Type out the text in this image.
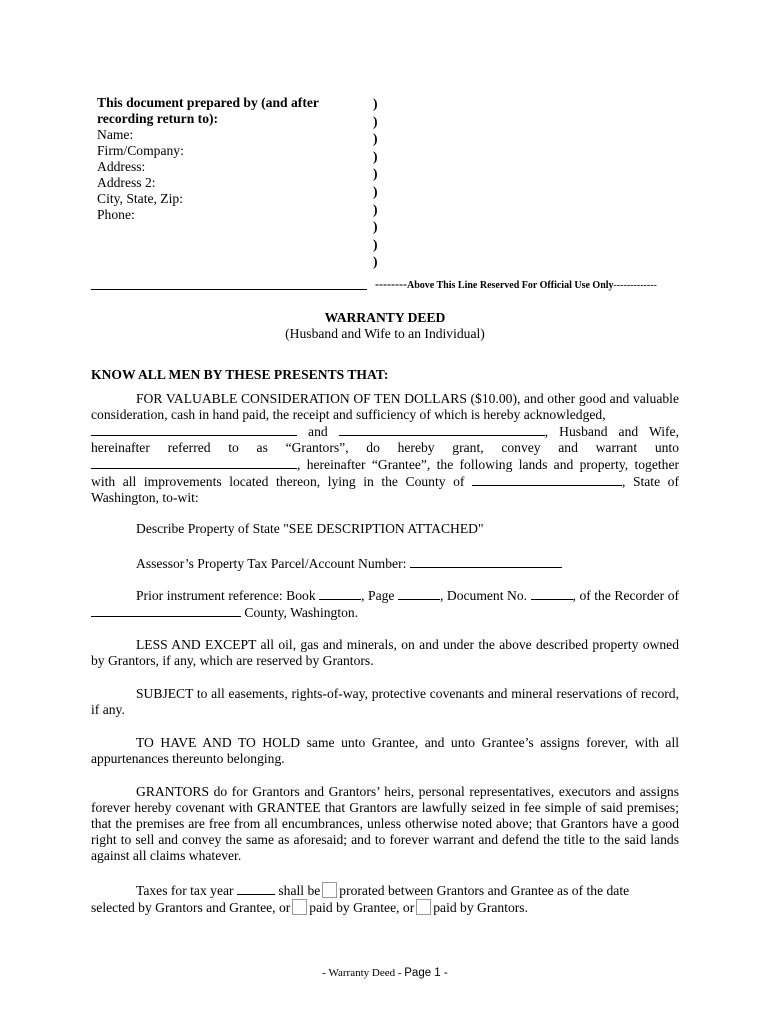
This document prepared by (and after recording return to):
Name:
Firm/Company:
Address:
Address 2:
City, State, Zip:
Phone:
)
)
)
)
)
)
)
)
)
)
--------Above This Line Reserved For Official Use Only-------------
WARRANTY DEED
(Husband and Wife to an Individual)
KNOW ALL MEN BY THESE PRESENTS THAT:

FOR VALUABLE CONSIDERATION OF TEN DOLLARS ($10.00), and other good and valuable consideration, cash in hand paid, the receipt and sufficiency of which is hereby acknowledged,

and	, Husband and Wife,

hereinafter referred to as “Grantors”, do hereby grant, convey and warrant unto

, hereinafter “Grantee”, the following lands and property, together

with all improvements located thereon, lying in the County of	, State of

Washington, to-wit:

Describe Property of State "SEE DESCRIPTION ATTACHED"
Assessor’s Property Tax Parcel/Account Number:

Prior instrument reference: Book	, Page	, Document No.	, of the Recorder of

County, Washington.

LESS AND EXCEPT all oil, gas and minerals, on and under the above described property owned by Grantors, if any, which are reserved by Grantors.

SUBJECT to all easements, rights-of-way, protective covenants and mineral reservations of record, if any.

TO HAVE AND TO HOLD same unto Grantee, and unto Grantee’s assigns forever, with all appurtenances thereunto belonging.

GRANTORS do for Grantors and Grantors’ heirs, personal representatives, executors and assigns forever hereby covenant with GRANTEE that Grantors are lawfully seized in fee simple of said premises; that the premises are free from all encumbrances, unless otherwise noted above; that Grantors have a good right to sell and convey the same as aforesaid; and to forever warrant and defend the title to the said lands against all claims whatever.

Taxes for tax year	shall be prorated between Grantors and Grantee as of the date

selected by Grantors and Grantee, or paid by Grantee, or paid by Grantors.

- Warranty Deed - Page 1 -
